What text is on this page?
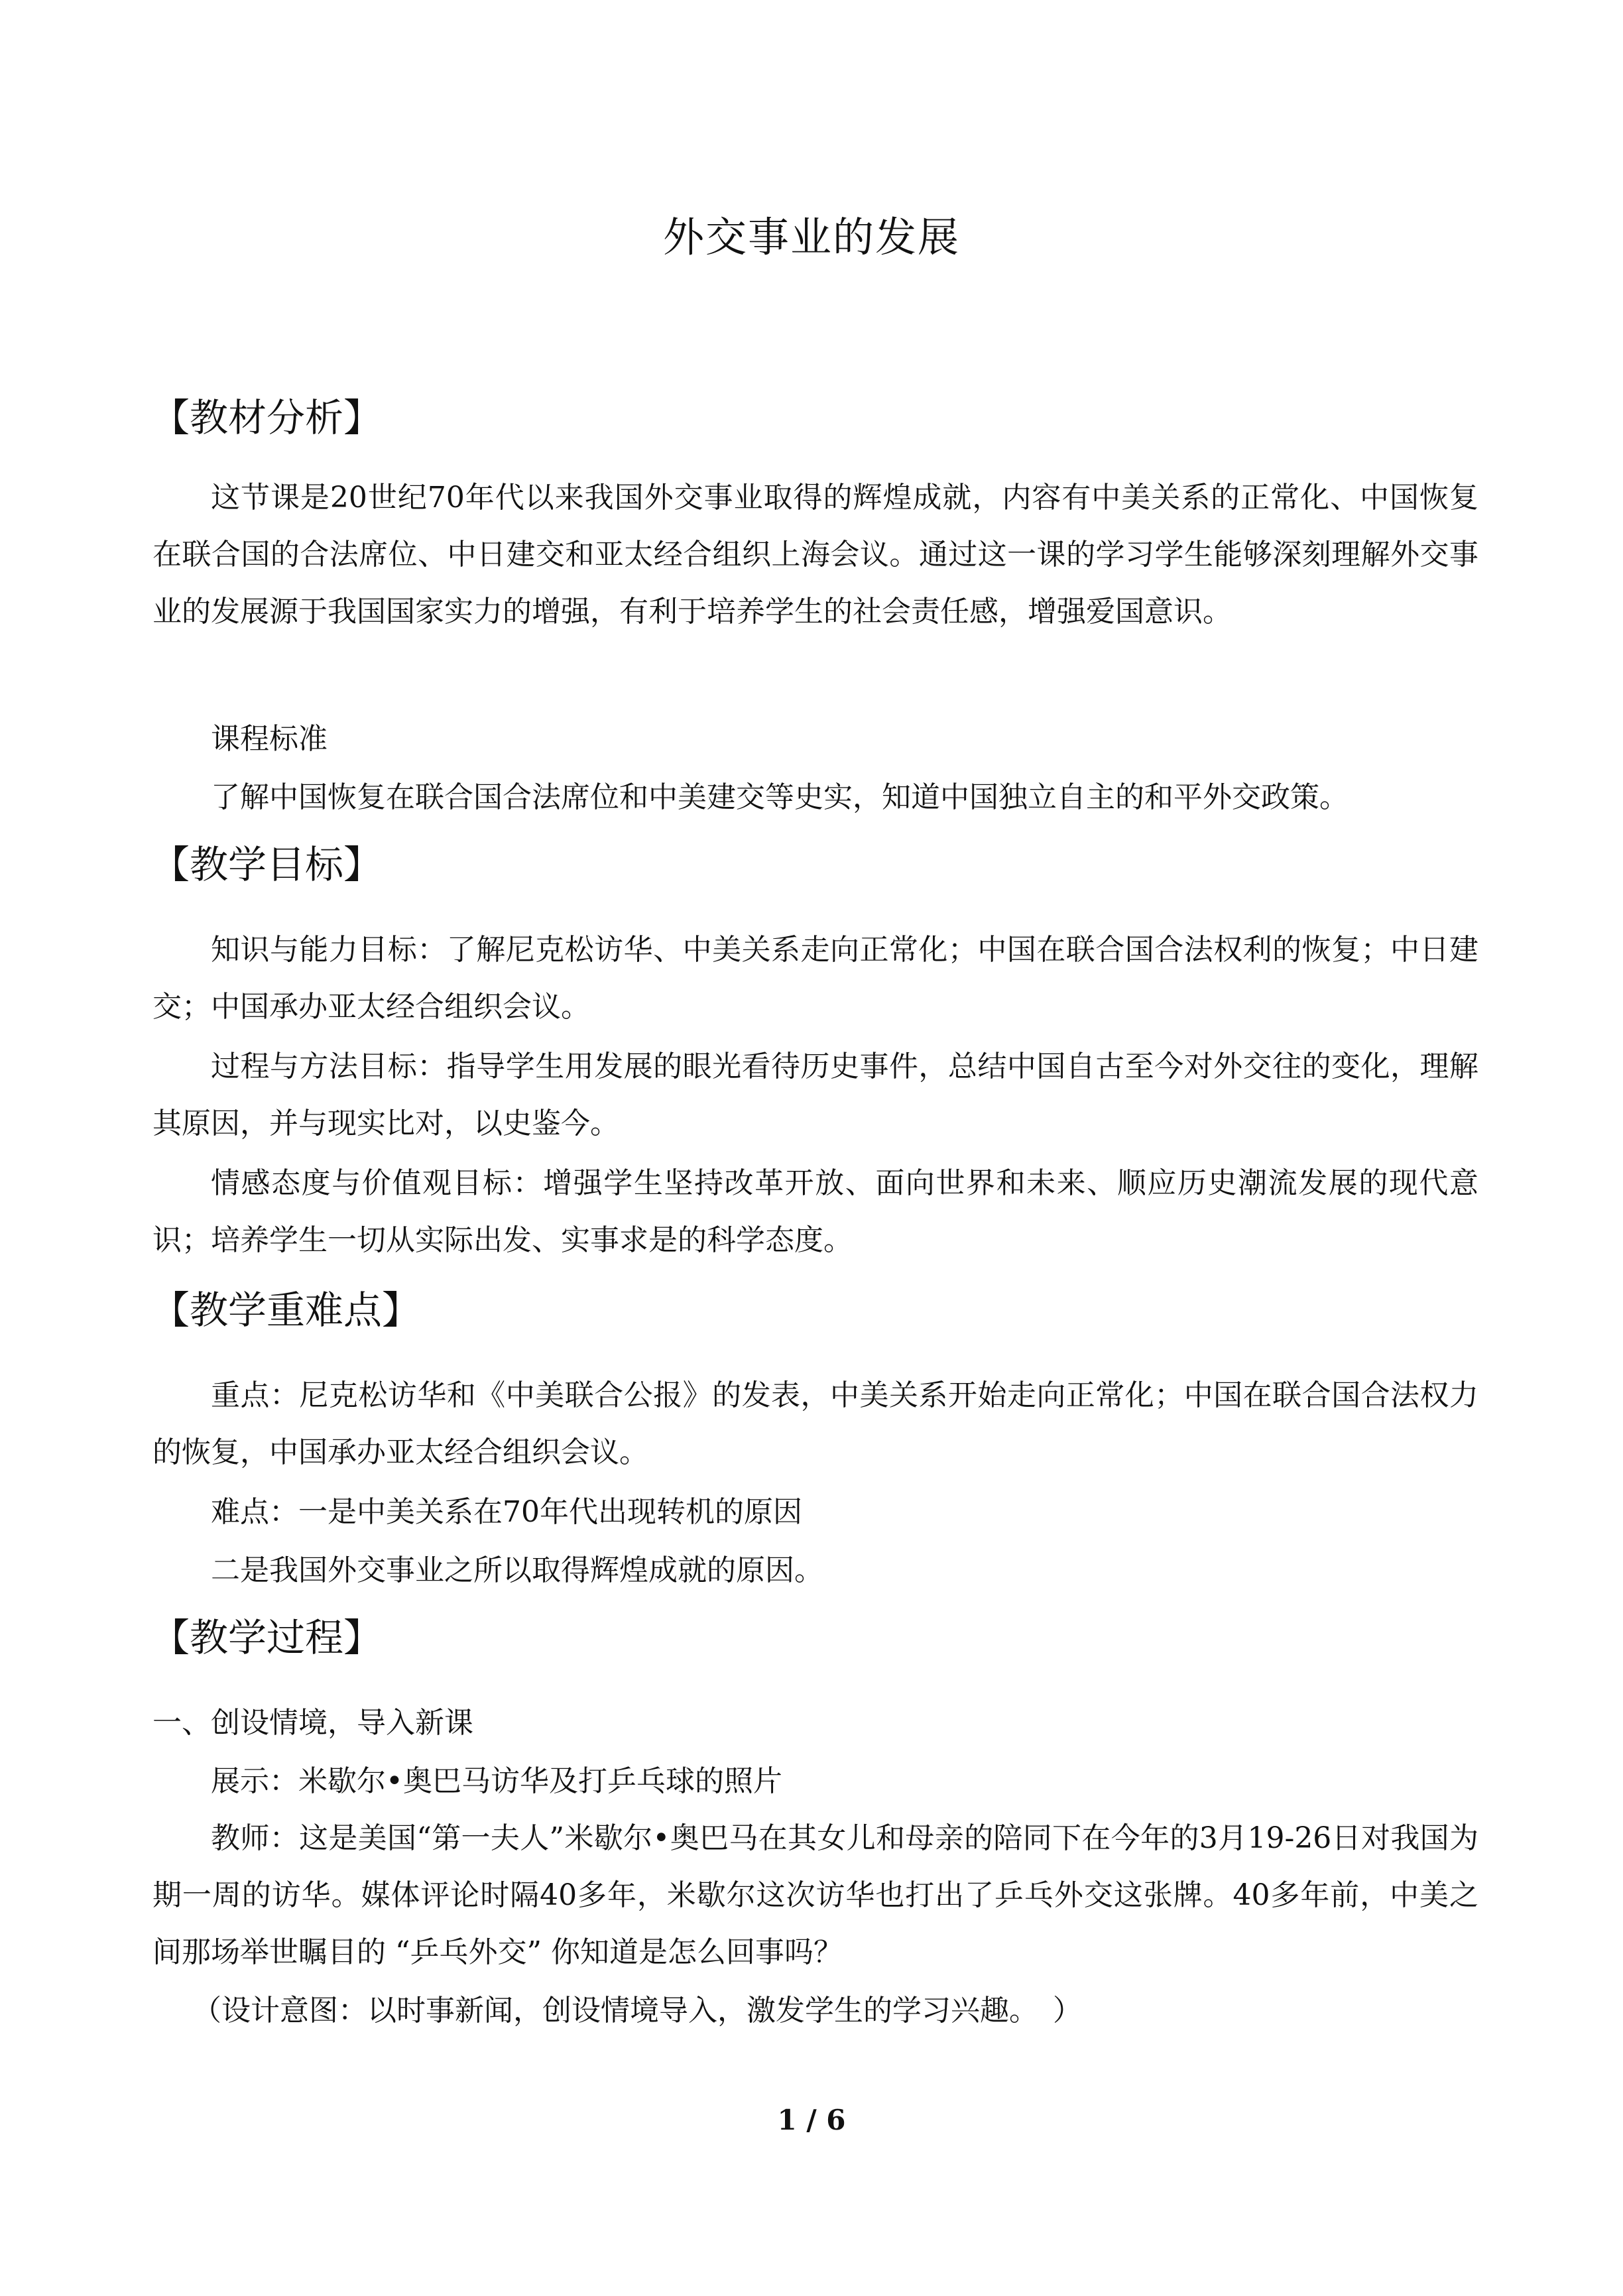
外交事业的发展
【教材分析】
这节课是20世纪70年代以来我国外交事业取得的辉煌成就，内容有中美关系的正常化、中国恢复在联合国的合法席位、中日建交和亚太经合组织上海会议。通过这一课的学习学生能够深刻理解外交事业的发展源于我国国家实力的增强，有利于培养学生的社会责任感，增强爱国意识。
课程标准
了解中国恢复在联合国合法席位和中美建交等史实，知道中国独立自主的和平外交政策。
【教学目标】
知识与能力目标：了解尼克松访华、中美关系走向正常化；中国在联合国合法权利的恢复；中日建交；中国承办亚太经合组织会议。
过程与方法目标：指导学生用发展的眼光看待历史事件，总结中国自古至今对外交往的变化，理解其原因，并与现实比对，以史鉴今。
情感态度与价值观目标：增强学生坚持改革开放、面向世界和未来、顺应历史潮流发展的现代意识；培养学生一切从实际出发、实事求是的科学态度。
【教学重难点】
重点：尼克松访华和《中美联合公报》的发表，中美关系开始走向正常化；中国在联合国合法权力的恢复，中国承办亚太经合组织会议。
难点：一是中美关系在70年代出现转机的原因
二是我国外交事业之所以取得辉煌成就的原因。
【教学过程】
一、创设情境，导入新课
展示：米歇尔•奥巴马访华及打乒乓球的照片
教师：这是美国“第一夫人”米歇尔•奥巴马在其女儿和母亲的陪同下在今年的3月19-26日对我国为期一周的访华。媒体评论时隔40多年，米歇尔这次访华也打出了乒乓外交这张牌。40多年前，中美之间那场举世瞩目的 “乒乓外交” 你知道是怎么回事吗？
（设计意图：以时事新闻，创设情境导入，激发学生的学习兴趣。　）
1 / 6
